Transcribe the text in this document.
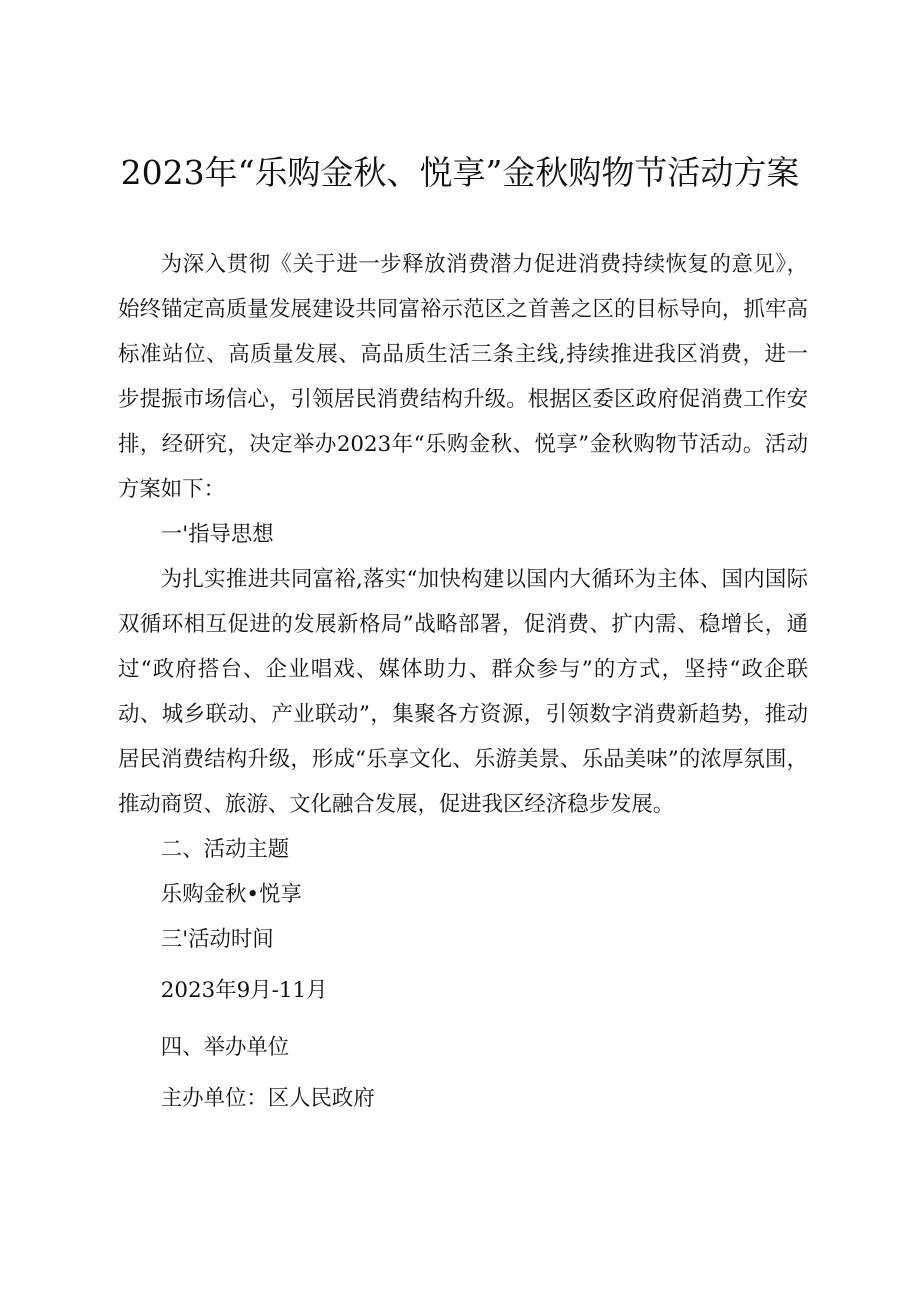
2023年“乐购金秋、悦享”金秋购物节活动方案

为深入贯彻《关于进一步释放消费潜力促进消费持续恢复的意见》，始终锚定高质量发展建设共同富裕示范区之首善之区的目标导向，抓牢高标准站位、高质量发展、高品质生活三条主线,持续推进我区消费，进一步提振市场信心，引领居民消费结构升级。根据区委区政府促消费工作安排，经研究，决定举办2023年“乐购金秋、悦享”金秋购物节活动。活动方案如下：

一'指导思想

为扎实推进共同富裕,落实“加快构建以国内大循环为主体、国内国际双循环相互促进的发展新格局”战略部署，促消费、扩内需、稳增长，通过“政府搭台、企业唱戏、媒体助力、群众参与”的方式，坚持“政企联动、城乡联动、产业联动”，集聚各方资源，引领数字消费新趋势，推动居民消费结构升级，形成“乐享文化、乐游美景、乐品美味”的浓厚氛围，推动商贸、旅游、文化融合发展，促进我区经济稳步发展。

二、活动主题

乐购金秋•悦享

三'活动时间

2023年9月-11月

四、举办单位

主办单位：区人民政府
